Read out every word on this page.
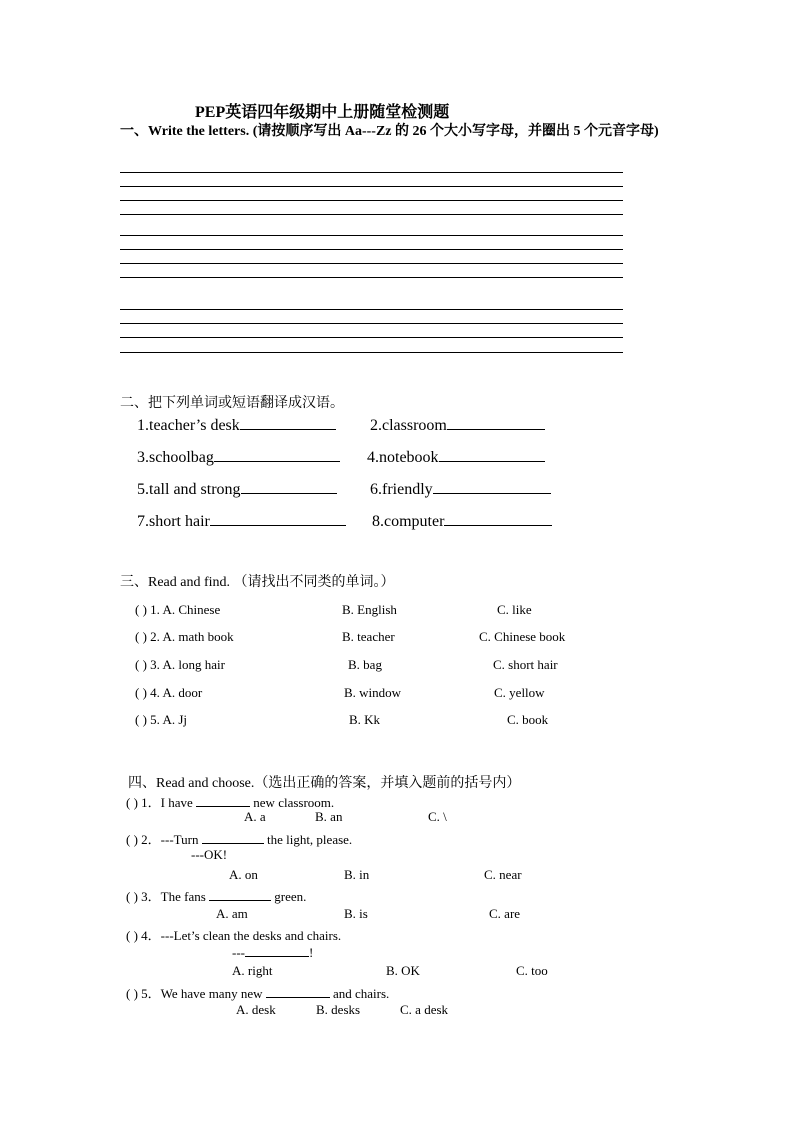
PEP英语四年级期中上册随堂检测题
一、Write the letters. (请按顺序写出 Aa---Zz 的 26 个大小写字母，并圈出 5 个元音字母)
二、把下列单词或短语翻译成汉语。
1.teacher’s desk	2.classroom
3.schoolbag	4.notebook
5.tall and strong	6.friendly
7.short hair	8.computer
三、Read and find. （请找出不同类的单词。）
( ) 1. A. Chinese	B. English	C. like
( ) 2. A. math book	B. teacher	C. Chinese book
( ) 3. A. long hair	B. bag	C. short hair
( ) 4. A. door	B. window	C. yellow
( ) 5. A. Jj	B. Kk	C. book
四、Read and choose.（选出正确的答案，并填入题前的括号内）
( ) 1．I have	new classroom.
A. a	B. an	C. \
( ) 2．---Turn	the light, please.
---OK!
A. on	B. in	C. near
( ) 3．The fans	green.
A. am	B. is	C. are
( ) 4．---Let’s clean the desks and chairs.
---	!
A. right	B. OK	C. too
( ) 5．We have many new	and chairs.
A. desk	B. desks	C. a desk
